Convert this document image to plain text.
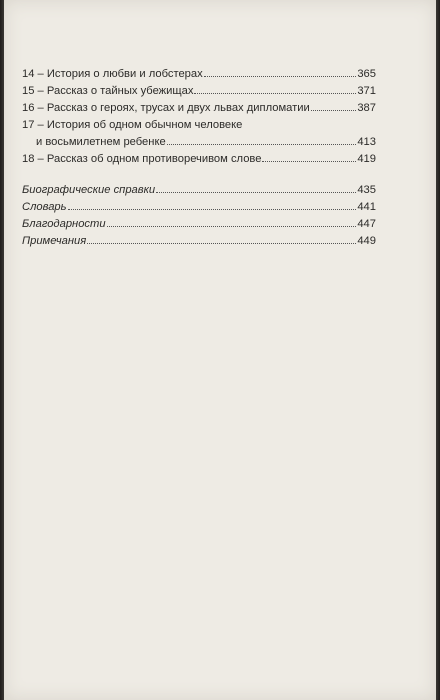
14 – История о любви и лобстерах	365
15 – Рассказ о тайных убежищах	371
16 – Рассказ о героях, трусах и двух львах дипломатии	387
17 – История об одном обычном человеке
и восьмилетнем ребенке	413
18 – Рассказ об одном противоречивом слове	419
Биографические справки	435
Словарь	441
Благодарности	447
Примечания	449
